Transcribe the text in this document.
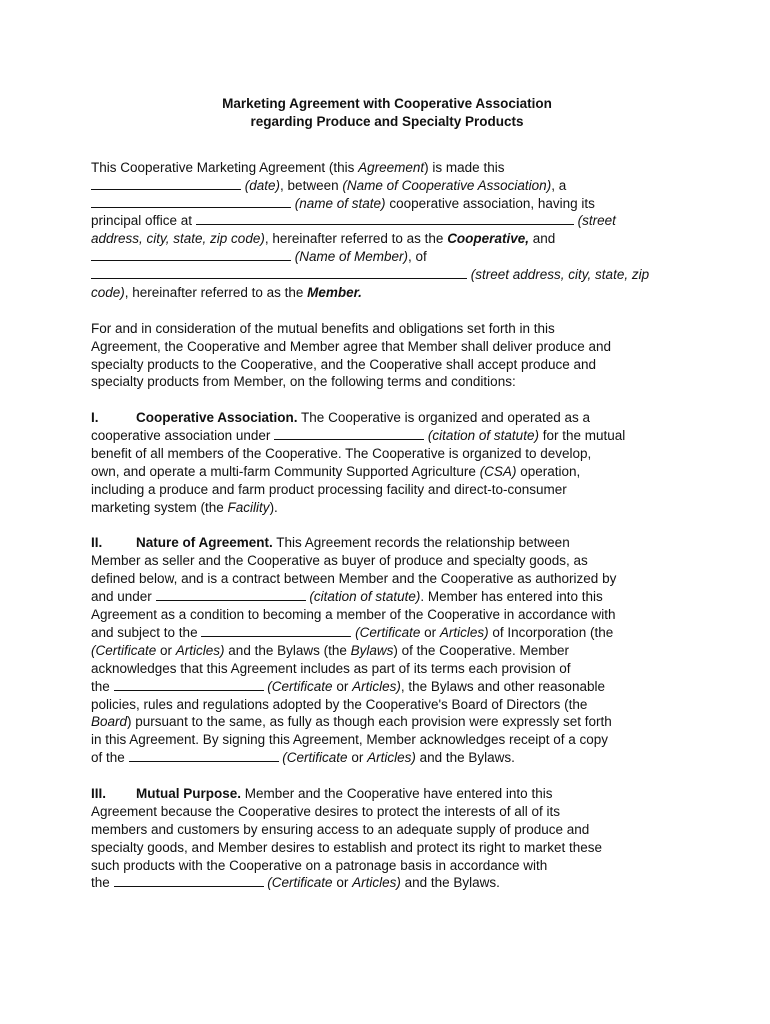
Marketing Agreement with Cooperative Association
regarding Produce and Specialty Products

This Cooperative Marketing Agreement (this Agreement) is made this
(date), between (Name of Cooperative Association), a
(name of state) cooperative association, having its
principal office at	(street
address, city, state, zip code), hereinafter referred to as the Cooperative, and
(Name of Member), of
(street address, city, state, zip
code), hereinafter referred to as the Member.
For and in consideration of the mutual benefits and obligations set forth in this
Agreement, the Cooperative and Member agree that Member shall deliver produce and
specialty products to the Cooperative, and the Cooperative shall accept produce and
specialty products from Member, on the following terms and conditions:
I.	Cooperative Association. The Cooperative is organized and operated as a
cooperative association under	(citation of statute) for the mutual
benefit of all members of the Cooperative. The Cooperative is organized to develop,
own, and operate a multi-farm Community Supported Agriculture (CSA) operation,
including a produce and farm product processing facility and direct-to-consumer
marketing system (the Facility).
II. Nature of Agreement. This Agreement records the relationship between
Member as seller and the Cooperative as buyer of produce and specialty goods, as
defined below, and is a contract between Member and the Cooperative as authorized by
and under	(citation of statute). Member has entered into this
Agreement as a condition to becoming a member of the Cooperative in accordance with
and subject to the	(Certificate or Articles) of Incorporation (the
(Certificate or Articles) and the Bylaws (the Bylaws) of the Cooperative. Member
acknowledges that this Agreement includes as part of its terms each provision of
the	(Certificate or Articles), the Bylaws and other reasonable
policies, rules and regulations adopted by the Cooperative's Board of Directors (the
Board) pursuant to the same, as fully as though each provision were expressly set forth
in this Agreement. By signing this Agreement, Member acknowledges receipt of a copy
of the	(Certificate or Articles) and the Bylaws.
III. Mutual Purpose. Member and the Cooperative have entered into this
Agreement because the Cooperative desires to protect the interests of all of its
members and customers by ensuring access to an adequate supply of produce and
specialty goods, and Member desires to establish and protect its right to market these
such products with the Cooperative on a patronage basis in accordance with
the	(Certificate or Articles) and the Bylaws.
